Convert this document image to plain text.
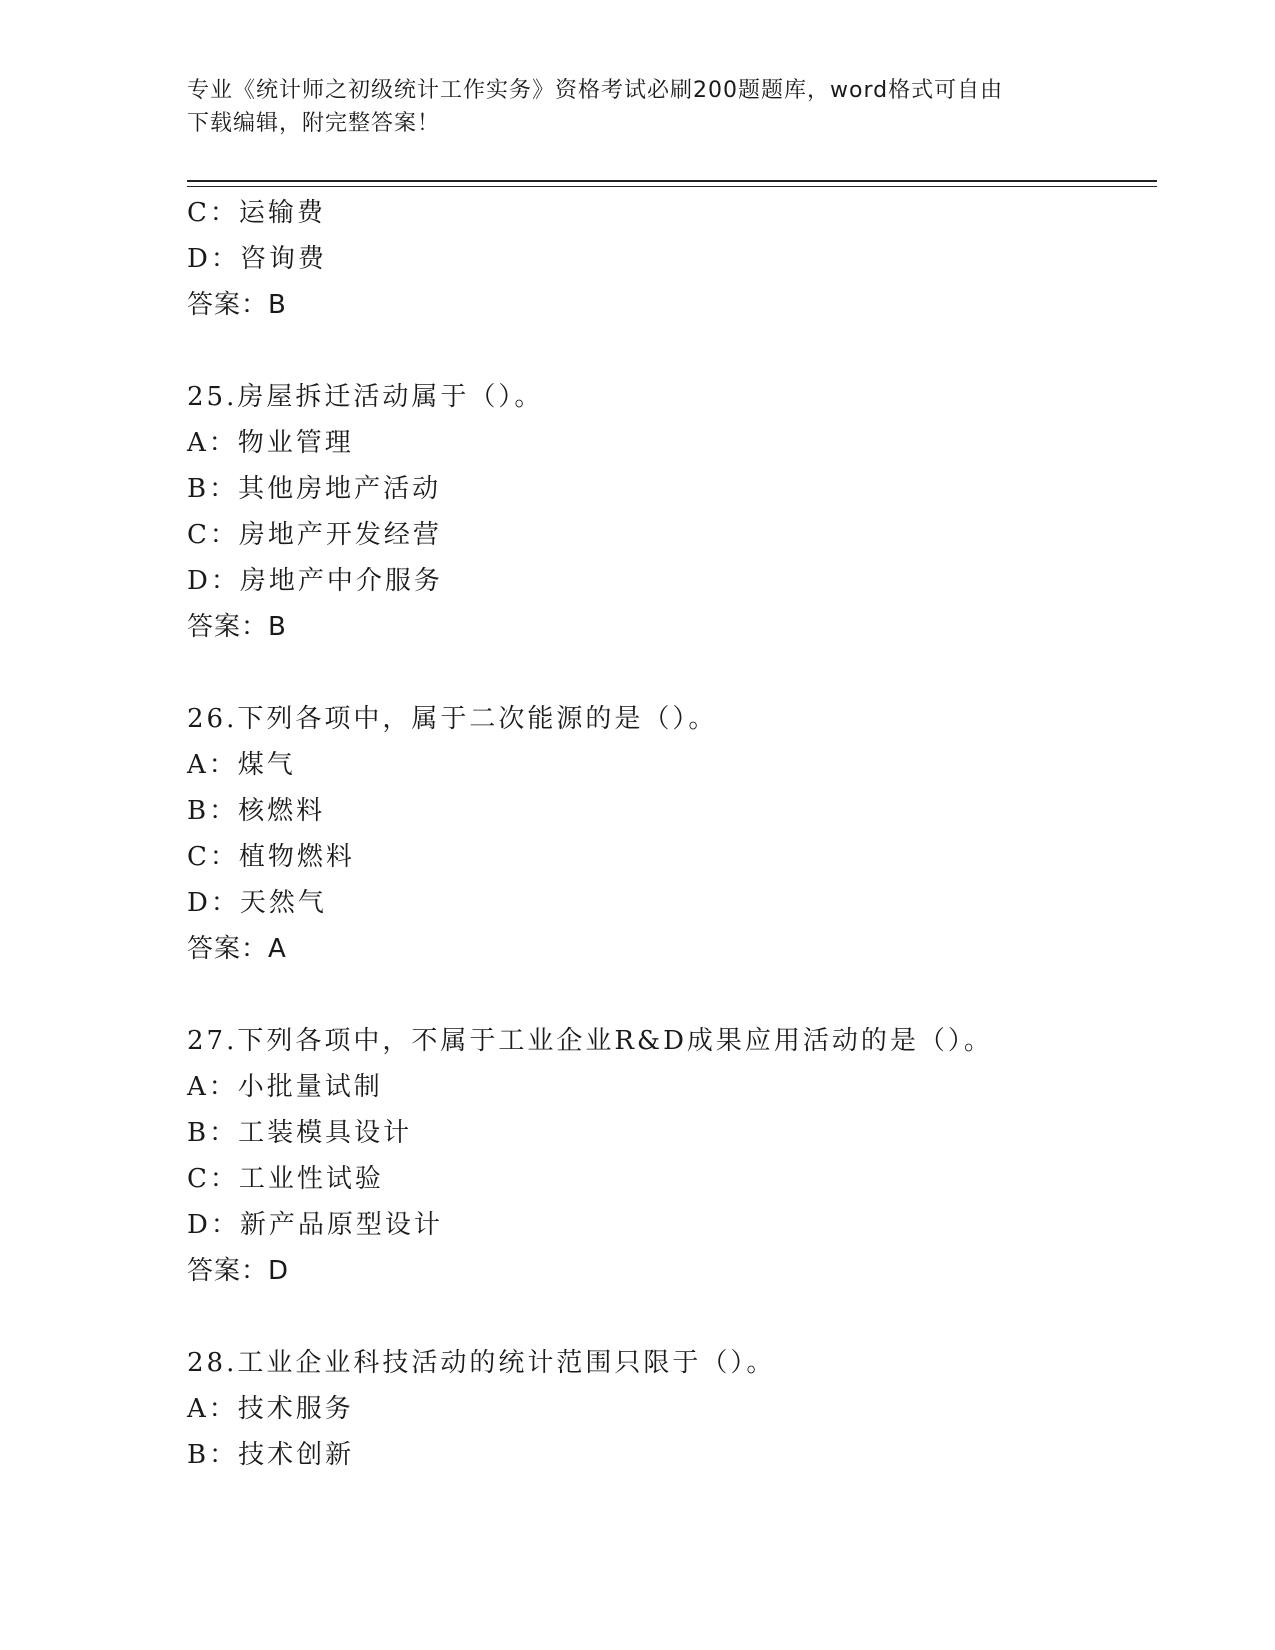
专业《统计师之初级统计工作实务》资格考试必刷200题题库，word格式可自由
下载编辑，附完整答案！
C：运输费
D：咨询费
答案：B
25.房屋拆迁活动属于（）。
A：物业管理
B：其他房地产活动
C：房地产开发经营
D：房地产中介服务
答案：B
26.下列各项中，属于二次能源的是（）。
A：煤气
B：核燃料
C：植物燃料
D：天然气
答案：A
27.下列各项中，不属于工业企业R&D成果应用活动的是（）。
A：小批量试制
B：工装模具设计
C：工业性试验
D：新产品原型设计
答案：D
28.工业企业科技活动的统计范围只限于（）。
A：技术服务
B：技术创新
